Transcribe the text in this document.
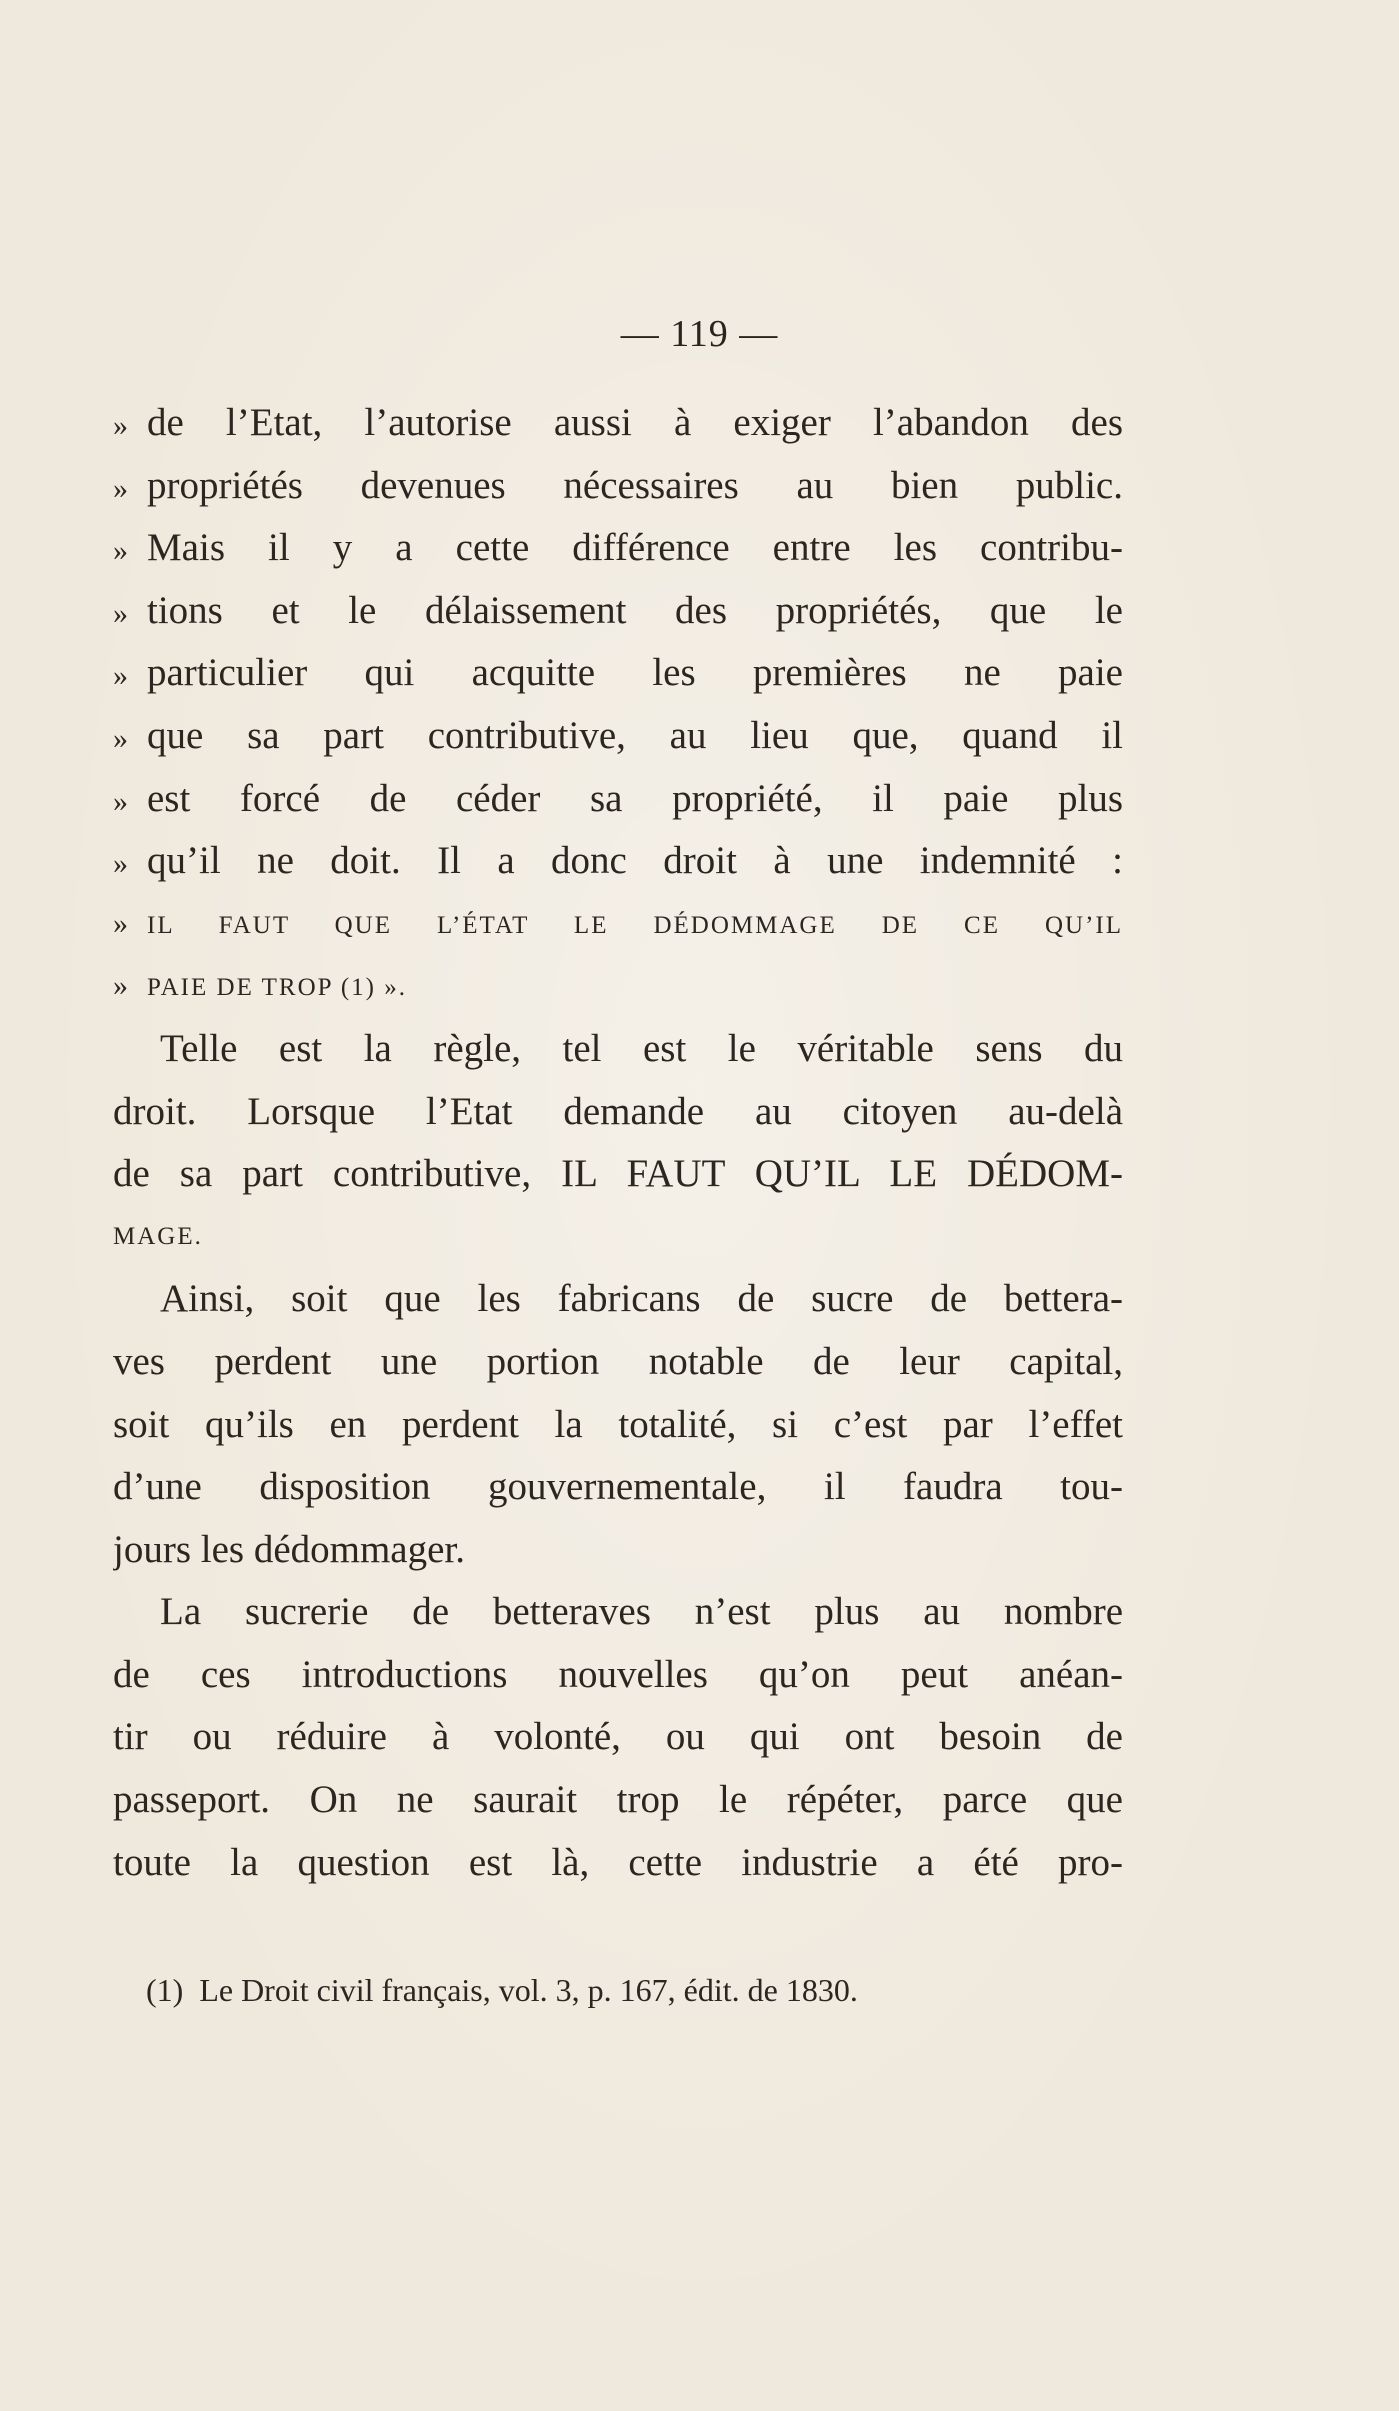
— 119 —
» de l’Etat, l’autorise aussi à exiger l’abandon des
» propriétés devenues nécessaires au bien public.
» Mais il y a cette différence entre les contribu-
» tions et le délaissement des propriétés, que le
» particulier qui acquitte les premières ne paie
» que sa part contributive, au lieu que, quand il
» est forcé de céder sa propriété, il paie plus
» qu’il ne doit. Il a donc droit à une indemnité :
» IL FAUT QUE L’ÉTAT LE DÉDOMMAGE DE CE QU’IL
» PAIE DE TROP (1) ».
Telle est la règle, tel est le véritable sens du
droit. Lorsque l’Etat demande au citoyen au-delà
de sa part contributive, IL FAUT QU’IL LE DÉDOM-
MAGE.
Ainsi, soit que les fabricans de sucre de bettera-
ves perdent une portion notable de leur capital,
soit qu’ils en perdent la totalité, si c’est par l’effet
d’une disposition gouvernementale, il faudra tou-
jours les dédommager.
La sucrerie de betteraves n’est plus au nombre
de ces introductions nouvelles qu’on peut anéan-
tir ou réduire à volonté, ou qui ont besoin de
passeport. On ne saurait trop le répéter, parce que
toute la question est là, cette industrie a été pro-
(1) Le Droit civil français, vol. 3, p. 167, édit. de 1830.
